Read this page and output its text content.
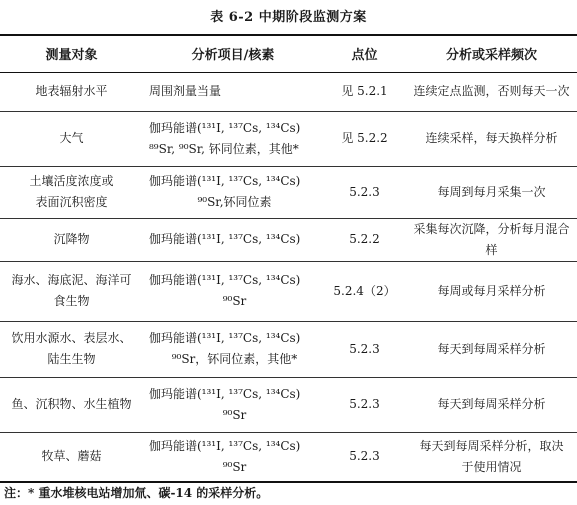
表 6-2 中期阶段监测方案
测量对象	分析项目/核素	点位	分析或采样频次

地表辐射水平	周围剂量当量	见 5.2.1	连续定点监测，否则每天一次

大气	伽玛能谱(¹³¹I, ¹³⁷Cs, ¹³⁴Cs)
⁸⁹Sr, ⁹⁰Sr, 钚同位素，其他*	见 5.2.2	连续采样，每天换样分析

土壤活度浓度或表面沉积密度	伽玛能谱(¹³¹I, ¹³⁷Cs, ¹³⁴Cs)
⁹⁰Sr,钚同位素	5.2.3	每周到每月采集一次

沉降物	伽玛能谱(¹³¹I, ¹³⁷Cs, ¹³⁴Cs)	5.2.2	采集每次沉降，分析每月混合样

海水、海底泥、海洋可食生物	伽玛能谱(¹³¹I, ¹³⁷Cs, ¹³⁴Cs)
⁹⁰Sr	5.2.4（2）	每周或每月采样分析

饮用水源水、表层水、陆生生物	伽玛能谱(¹³¹I, ¹³⁷Cs, ¹³⁴Cs)
⁹⁰Sr，钚同位素，其他*	5.2.3	每天到每周采样分析

鱼、沉积物、水生植物	伽玛能谱(¹³¹I, ¹³⁷Cs, ¹³⁴Cs)
⁹⁰Sr	5.2.3	每天到每周采样分析

牧草、蘑菇	伽玛能谱(¹³¹I, ¹³⁷Cs, ¹³⁴Cs)
⁹⁰Sr	5.2.3	每天到每周采样分析，取决于使用情况
注：* 重水堆核电站增加氚、碳-14 的采样分析。
